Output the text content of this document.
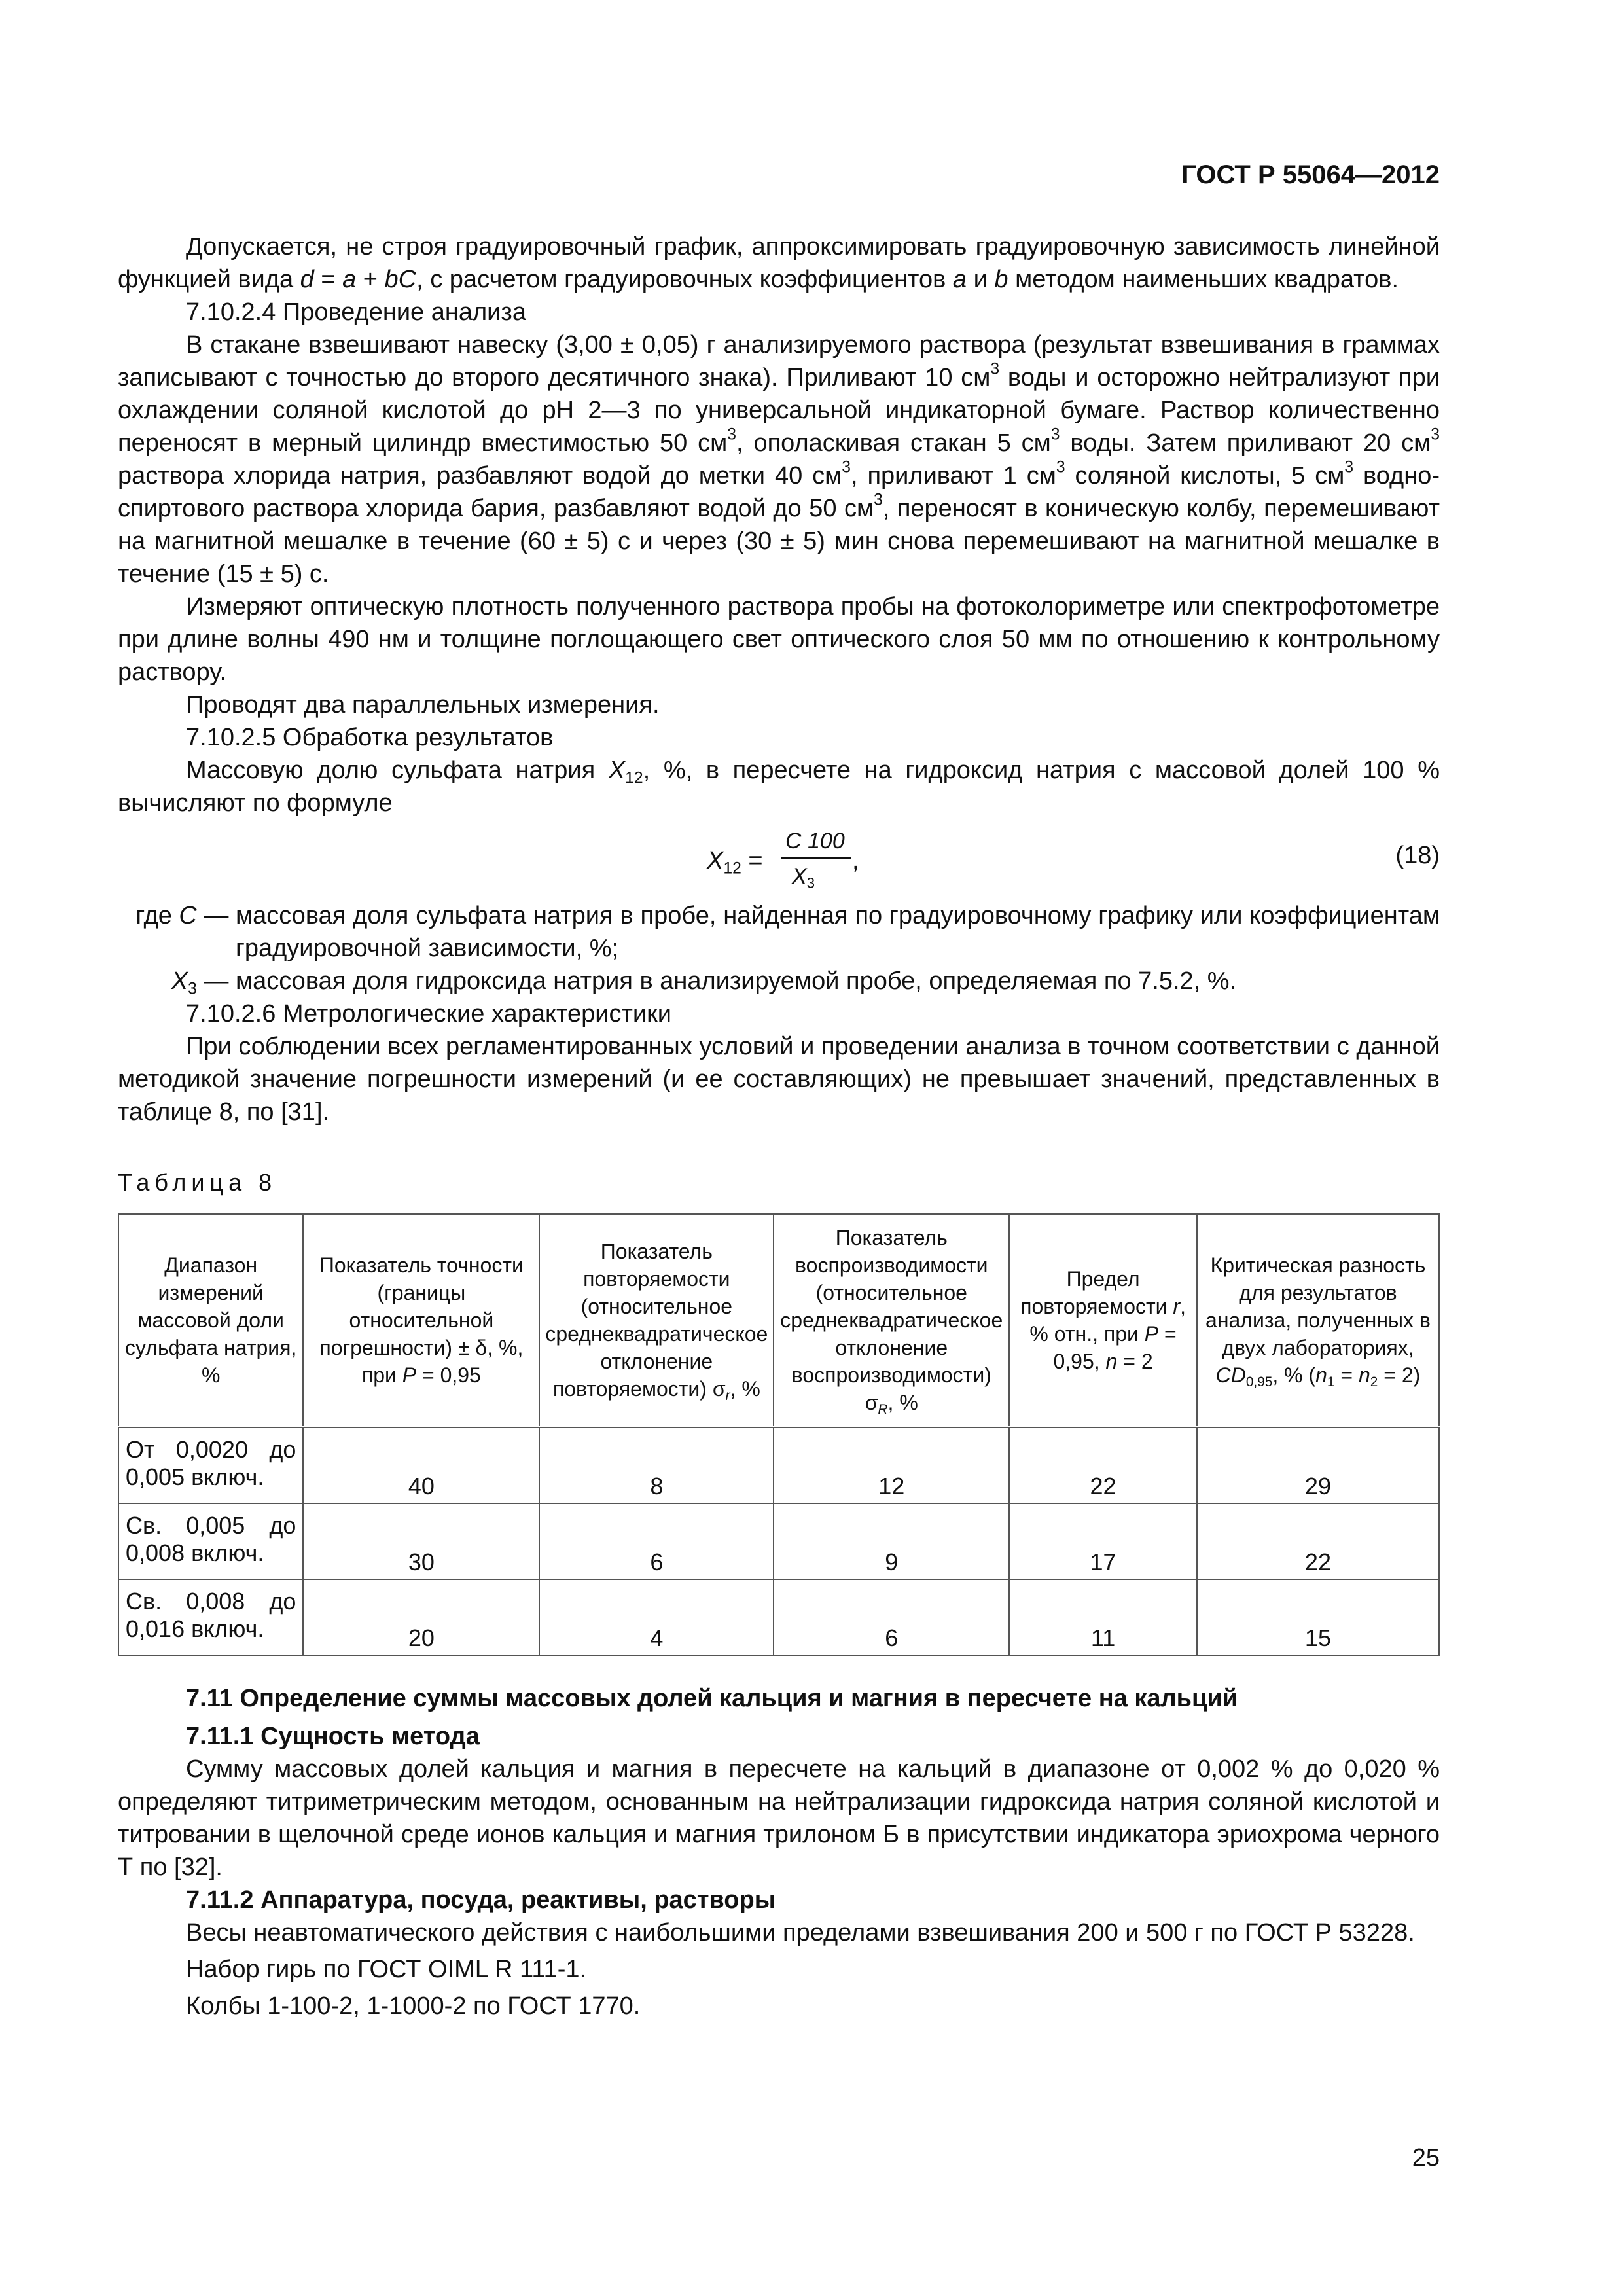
ГОСТ Р 55064—2012

Допускается, не строя градуировочный график, аппроксимировать градуировочную зависимость линейной функцией вида d = a + bC, с расчетом градуировочных коэффициентов a и b методом наименьших квадратов.

7.10.2.4 Проведение анализа

В стакане взвешивают навеску (3,00 ± 0,05) г анализируемого раствора (результат взвешивания в граммах записывают с точностью до второго десятичного знака). Приливают 10 $см^3$ воды и осторожно нейтрализуют при охлаждении соляной кислотой до pH 2—3 по универсальной индикаторной бумаге. Раствор количественно переносят в мерный цилиндр вместимостью 50 $см^3$, ополаскивая стакан 5 $см^3$ воды. Затем приливают 20 $см^3$ раствора хлорида натрия, разбавляют водой до метки 40 $см^3$, приливают 1 $см^3$ соляной кислоты, 5 $см^3$ водно-спиртового раствора хлорида бария, разбавляют водой до 50 $см^3$, переносят в коническую колбу, перемешивают на магнитной мешалке в течение (60 ± 5) с и через (30 ± 5) мин снова перемешивают на магнитной мешалке в течение (15 ± 5) с.

Измеряют оптическую плотность полученного раствора пробы на фотоколориметре или спектрофотометре при длине волны 490 нм и толщине поглощающего свет оптического слоя 50 мм по отношению к контрольному раствору.

Проводят два параллельных измерения.

7.10.2.5 Обработка результатов

Массовую долю сульфата натрия $X_{12}$, %, в пересчете на гидроксид натрия с массовой долей 100 % вычисляют по формуле

$X_{12}$ =
C 100
$X_3$
,	(18)
где C — массовая доля сульфата натрия в пробе, найденная по градуировочному графику или коэффициентам градуировочной зависимости, %;
$X_3$ — массовая доля гидроксида натрия в анализируемой пробе, определяемая по 7.5.2, %.

7.10.2.6 Метрологические характеристики

При соблюдении всех регламентированных условий и проведении анализа в точном соответствии с данной методикой значение погрешности измерений (и ее составляющих) не превышает значений, представленных в таблице 8, по [31].

Таблица 8
Диапазон измерений массовой доли сульфата натрия, %	Показатель точности (границы относительной погрешности) ± δ, %, при P = 0,95	Показатель повторяемости (относительное среднеквадратическое отклонение повторяемости) $\sigma_r$, %	Показатель воспроизводимости (относительное среднеквадратическое отклонение воспроизводимости) $\sigma_R$, %	Предел повторяемости r, % отн., при P = 0,95, n = 2	Критическая разность для результатов анализа, полученных в двух лабораториях, $CD_{0,95}$, % $(n_1 = n_2 = 2)$
От 0,0020 до 0,005 включ.	40	8	12	22	29
Св. 0,005 до 0,008 включ.	30	6	9	17	22
Св. 0,008 до 0,016 включ.	20	4	6	11	15

7.11 Определение суммы массовых долей кальция и магния в пересчете на кальций

7.11.1 Сущность метода

Сумму массовых долей кальция и магния в пересчете на кальций в диапазоне от 0,002 % до 0,020 % определяют титриметрическим методом, основанным на нейтрализации гидроксида натрия соляной кислотой и титровании в щелочной среде ионов кальция и магния трилоном Б в присутствии индикатора эриохрома черного Т по [32].

7.11.2 Аппаратура, посуда, реактивы, растворы

Весы неавтоматического действия с наибольшими пределами взвешивания 200 и 500 г по ГОСТ Р 53228.

Набор гирь по ГОСТ OIML R 111-1.

Колбы 1-100-2, 1-1000-2 по ГОСТ 1770.

25
